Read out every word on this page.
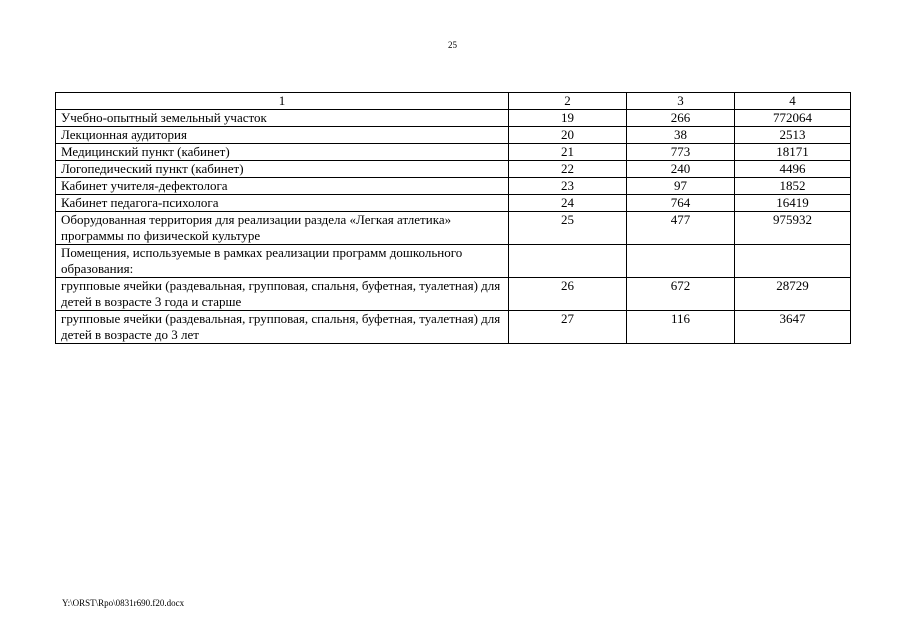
25
1	2	3	4
Учебно-опытный земельный участок	19	266	772064
Лекционная аудитория	20	38	2513
Медицинский пункт (кабинет)	21	773	18171
Логопедический пункт (кабинет)	22	240	4496
Кабинет учителя-дефектолога	23	97	1852
Кабинет педагога-психолога	24	764	16419
Оборудованная территория для реализации раздела «Легкая атлетика» программы по физической культуре	25	477	975932
Помещения, используемые в рамках реализации программ дошкольного образования:			
групповые ячейки (раздевальная, групповая, спальня, буфетная, туалетная) для детей в возрасте 3 года и старше	26	672	28729
групповые ячейки (раздевальная, групповая, спальня, буфетная, туалетная) для детей в возрасте до 3 лет	27	116	3647
Y:\ORST\Rpo\0831r690.f20.docx
